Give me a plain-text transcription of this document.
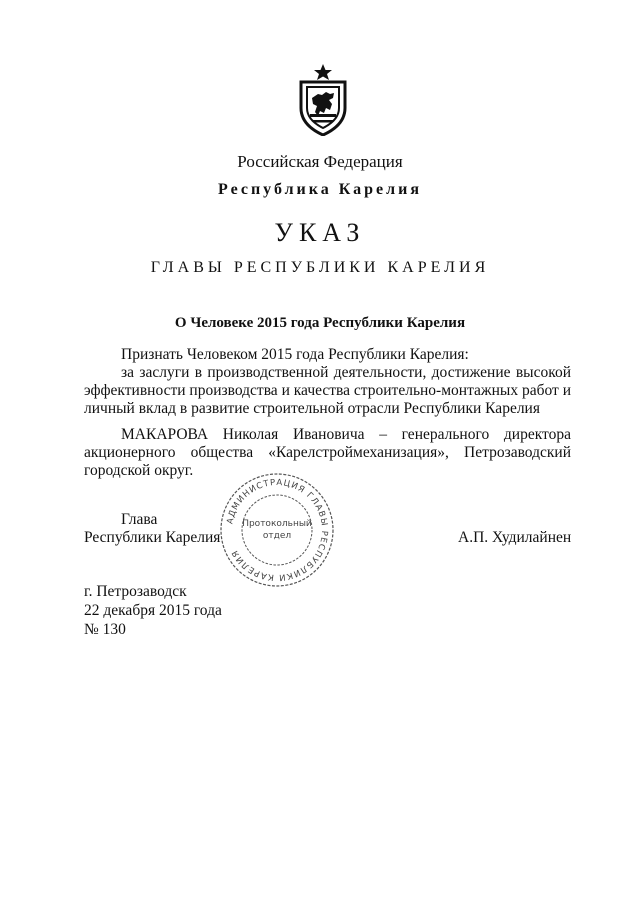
Российская Федерация
Республика Карелия
УКАЗ
ГЛАВЫ РЕСПУБЛИКИ КАРЕЛИЯ
О Человеке 2015 года Республики Карелия

Признать Человеком 2015 года Республики Карелия:

за заслуги в производственной деятельности, достижение высокой эффективности производства и качества строительно-монтажных работ и личный вклад в развитие строительной отрасли Республики Карелия

МАКАРОВА Николая Ивановича – генерального директора акционерного общества «Карелстроймеханизация», Петрозаводский городской округ.

Глава
Республики Карелия	А.П. Худилайнен
АДМИНИСТРАЦИЯ ГЛАВЫ РЕСПУБЛИКИ КАРЕЛИЯ
Протокольный
отдел
г. Петрозаводск
22 декабря 2015 года
№ 130
